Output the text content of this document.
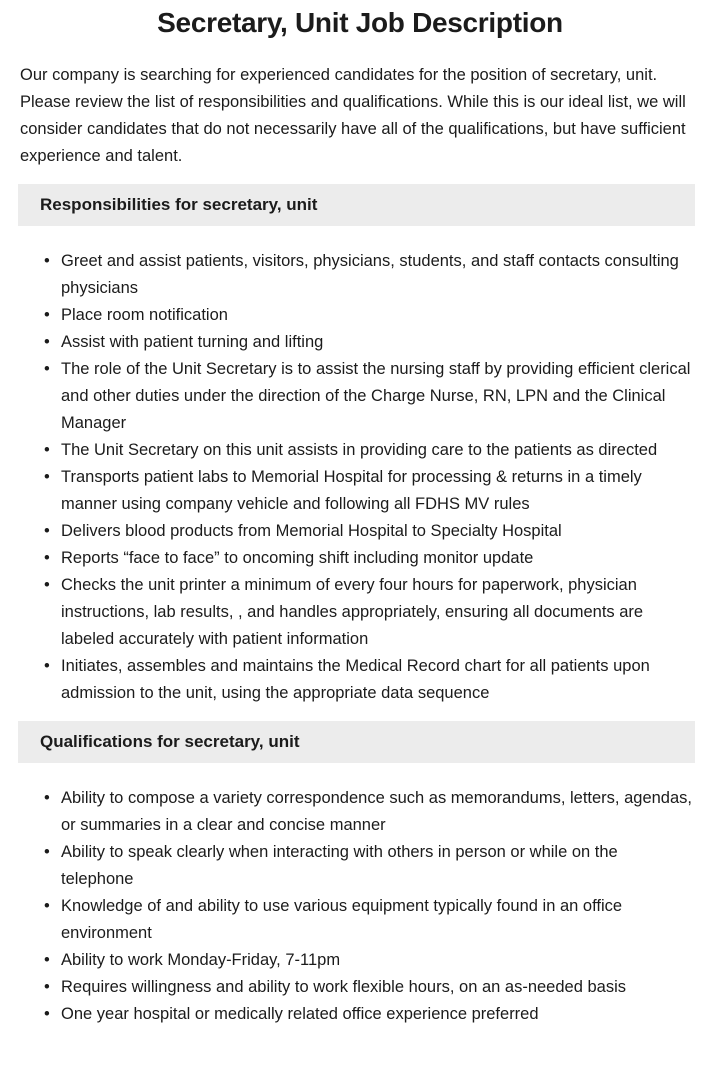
Secretary, Unit Job Description

Our company is searching for experienced candidates for the position of secretary, unit. Please review the list of responsibilities and qualifications. While this is our ideal list, we will consider candidates that do not necessarily have all of the qualifications, but have sufficient experience and talent.

Responsibilities for secretary, unit
• Greet and assist patients, visitors, physicians, students, and staff contacts consulting physicians
• Place room notification
• Assist with patient turning and lifting
• The role of the Unit Secretary is to assist the nursing staff by providing efficient clerical and other duties under the direction of the Charge Nurse, RN, LPN and the Clinical Manager
• The Unit Secretary on this unit assists in providing care to the patients as directed
• Transports patient labs to Memorial Hospital for processing & returns in a timely manner using company vehicle and following all FDHS MV rules
• Delivers blood products from Memorial Hospital to Specialty Hospital
• Reports “face to face” to oncoming shift including monitor update
• Checks the unit printer a minimum of every four hours for paperwork, physician instructions, lab results, , and handles appropriately, ensuring all documents are labeled accurately with patient information
• Initiates, assembles and maintains the Medical Record chart for all patients upon admission to the unit, using the appropriate data sequence
Qualifications for secretary, unit
• Ability to compose a variety correspondence such as memorandums, letters, agendas, or summaries in a clear and concise manner
• Ability to speak clearly when interacting with others in person or while on the telephone
• Knowledge of and ability to use various equipment typically found in an office environment
• Ability to work Monday-Friday, 7-11pm
• Requires willingness and ability to work flexible hours, on an as-needed basis
• One year hospital or medically related office experience preferred
